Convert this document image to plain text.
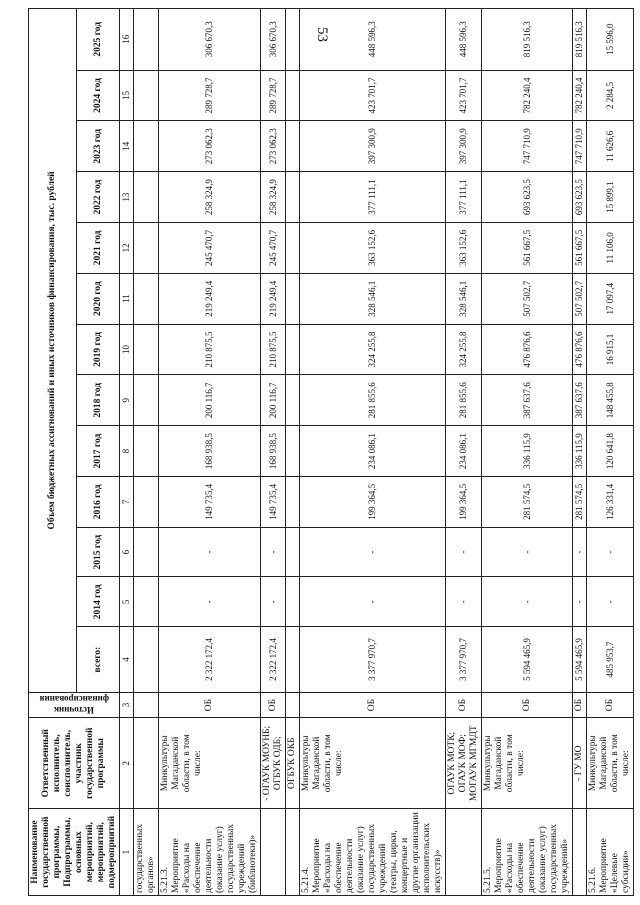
53
Наименование государственной программы, Подпрограммы, основных мероприятий, мероприятий, подмероприятий	Ответственный исполнитель, соисполнитель, участник государственной программы	Источник финансирования	Объем бюджетных ассигнований и иных источников финансирования, тыс. рублей												
			всего:	2014 год	2015 год	2016 год	2017 год	2018 год	2019 год	2020 год	2021 год	2022 год	2023 год	2024 год	2025 год
1	2	3	4	5	6	7	8	9	10	11	12	13	14	15	16
государственных органов»															
5.21.3. Мероприятие «Расходы на обеспечение деятельности (оказание услуг) государственных учреждений (библиотеки)»	Минкультуры Магаданской области, в том числе:	ОБ	2 322 172,4	-	-	149 735,4	168 938,5	200 116,7	210 875,5	219 249,4	245 470,7	258 324,9	273 062,3	289 728,7	306 670,3
	- ОГАУК МОУНБ; ОГБУК ОДБ;	ОБ	2 322 172,4	-	-	149 735,4	168 938,5	200 116,7	210 875,5	219 249,4	245 470,7	258 324,9	273 062,3	289 728,7	306 670,3
	ОГБУК ОКБ														
5.21.4. Мероприятие «Расходы на обеспечение деятельности (оказание услуг) государственных учреждений (театры, цирки, концертные и другие организации исполнительских искусств)»	Минкультуры Магаданской области, в том числе:	ОБ	3 377 970,7	-	-	199 364,5	234 086,1	281 855,6	324 255,8	328 546,1	363 152,6	377 111,1	397 300,9	423 701,7	448 596,3
	ОГАУК МОТК; ОГАУК МОФ; МОГАУК МГМДТ	ОБ	3 377 970,7	-	-	199 364,5	234 086,1	281 855,6	324 255,8	328 546,1	363 152,6	377 111,1	397 300,9	423 701,7	448 596,3
5.21.5. Мероприятие «Расходы на обеспечение деятельности (оказание услуг) государственных учреждений»	Минкультуры Магаданской области, в том числе:	ОБ	5 594 465,9	-	-	281 574,5	336 115,9	387 637,6	476 876,6	507 502,7	561 667,5	693 623,5	747 710,9	782 240,4	819 516,3
	- ГУ МО	ОБ	5 594 465,9	-	-	281 574,5	336 115,9	387 637,6	476 876,6	507 502,7	561 667,5	693 623,5	747 710,9	782 240,4	819 516,3
5.21.6. Мероприятие «Целевые субсидии»	Минкультуры Магаданской области, в том числе:	ОБ	485 953,7	-	-	126 331,4	120 641,8	148 455,8	16 915,1	17 097,4	11 106,0	15 899,1	11 626,6	2 284,5	15 596,0
